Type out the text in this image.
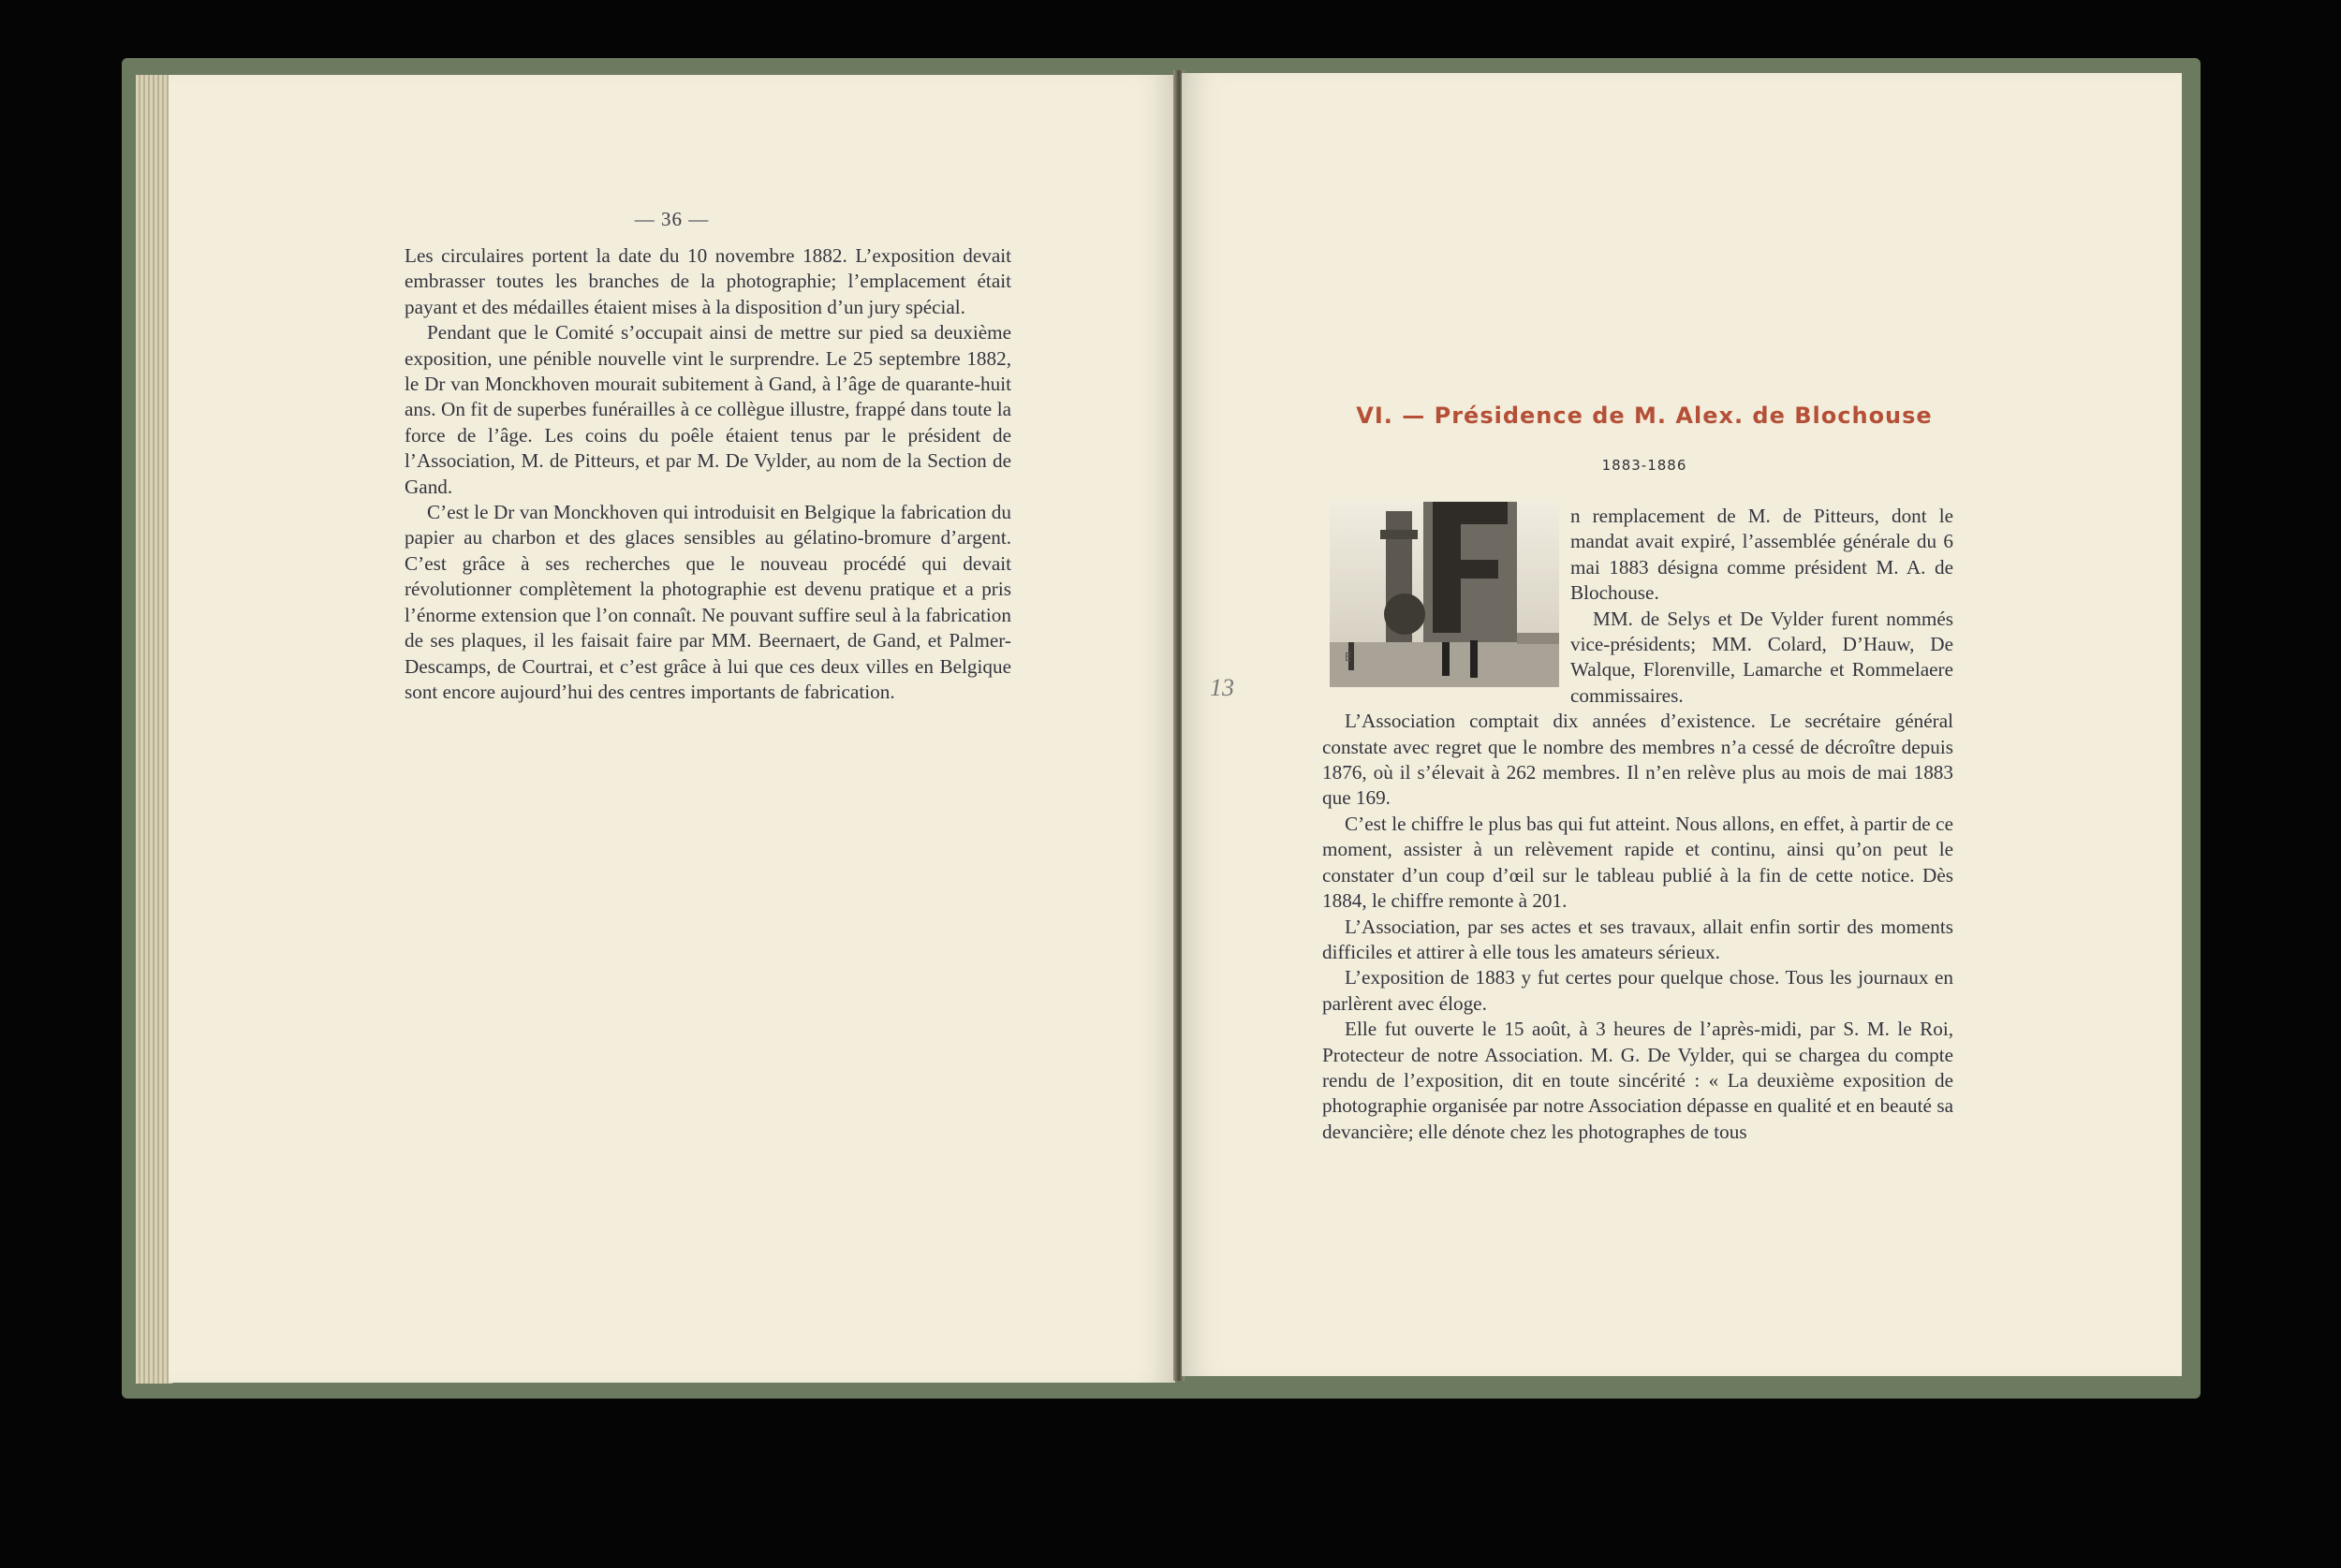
— 36 —

Les circulaires portent la date du 10 novembre 1882. L’exposition devait embrasser toutes les branches de la photographie; l’emplacement était payant et des médailles étaient mises à la disposition d’un jury spécial.

Pendant que le Comité s’occupait ainsi de mettre sur pied sa deuxième exposition, une pénible nouvelle vint le surprendre. Le 25 septembre 1882, le Dr van Monckhoven mourait subitement à Gand, à l’âge de quarante-huit ans. On fit de superbes funérailles à ce collègue illustre, frappé dans toute la force de l’âge. Les coins du poêle étaient tenus par le président de l’Association, M. de Pitteurs, et par M. De Vylder, au nom de la Section de Gand.

C’est le Dr van Monckhoven qui introduisit en Belgique la fabrication du papier au charbon et des glaces sensibles au gélatino-bromure d’argent. C’est grâce à ses recherches que le nouveau procédé qui devait révolutionner complètement la photographie est devenu pratique et a pris l’énorme extension que l’on connaît. Ne pouvant suffire seul à la fabrication de ses plaques, il les faisait faire par MM. Beernaert, de Gand, et Palmer-Descamps, de Courtrai, et c’est grâce à lui que ces deux villes en Belgique sont encore aujourd’hui des centres importants de fabrication.

VI. — Présidence de M. Alex. de Blochouse
1883-1886
E

n remplacement de M. de Pitteurs, dont le mandat avait expiré, l’assemblée générale du 6 mai 1883 désigna comme président M. A. de Blochouse.

MM. de Selys et De Vylder furent nommés vice-présidents; MM. Colard, D’Hauw, De Walque, Florenville, Lamarche et Rommelaere commissaires.

L’Association comptait dix années d’existence. Le secrétaire général constate avec regret que le nombre des membres n’a cessé de décroître depuis 1876, où il s’élevait à 262 membres. Il n’en relève plus au mois de mai 1883 que 169.

C’est le chiffre le plus bas qui fut atteint. Nous allons, en effet, à partir de ce moment, assister à un relèvement rapide et continu, ainsi qu’on peut le constater d’un coup d’œil sur le tableau publié à la fin de cette notice. Dès 1884, le chiffre remonte à 201.

L’Association, par ses actes et ses travaux, allait enfin sortir des moments difficiles et attirer à elle tous les amateurs sérieux.

L’exposition de 1883 y fut certes pour quelque chose. Tous les journaux en parlèrent avec éloge.

Elle fut ouverte le 15 août, à 3 heures de l’après-midi, par S. M. le Roi, Protecteur de notre Association. M. G. De Vylder, qui se chargea du compte rendu de l’exposition, dit en toute sincérité : « La deuxième exposition de photographie organisée par notre Association dépasse en qualité et en beauté sa devancière; elle dénote chez les photographes de tous

13
